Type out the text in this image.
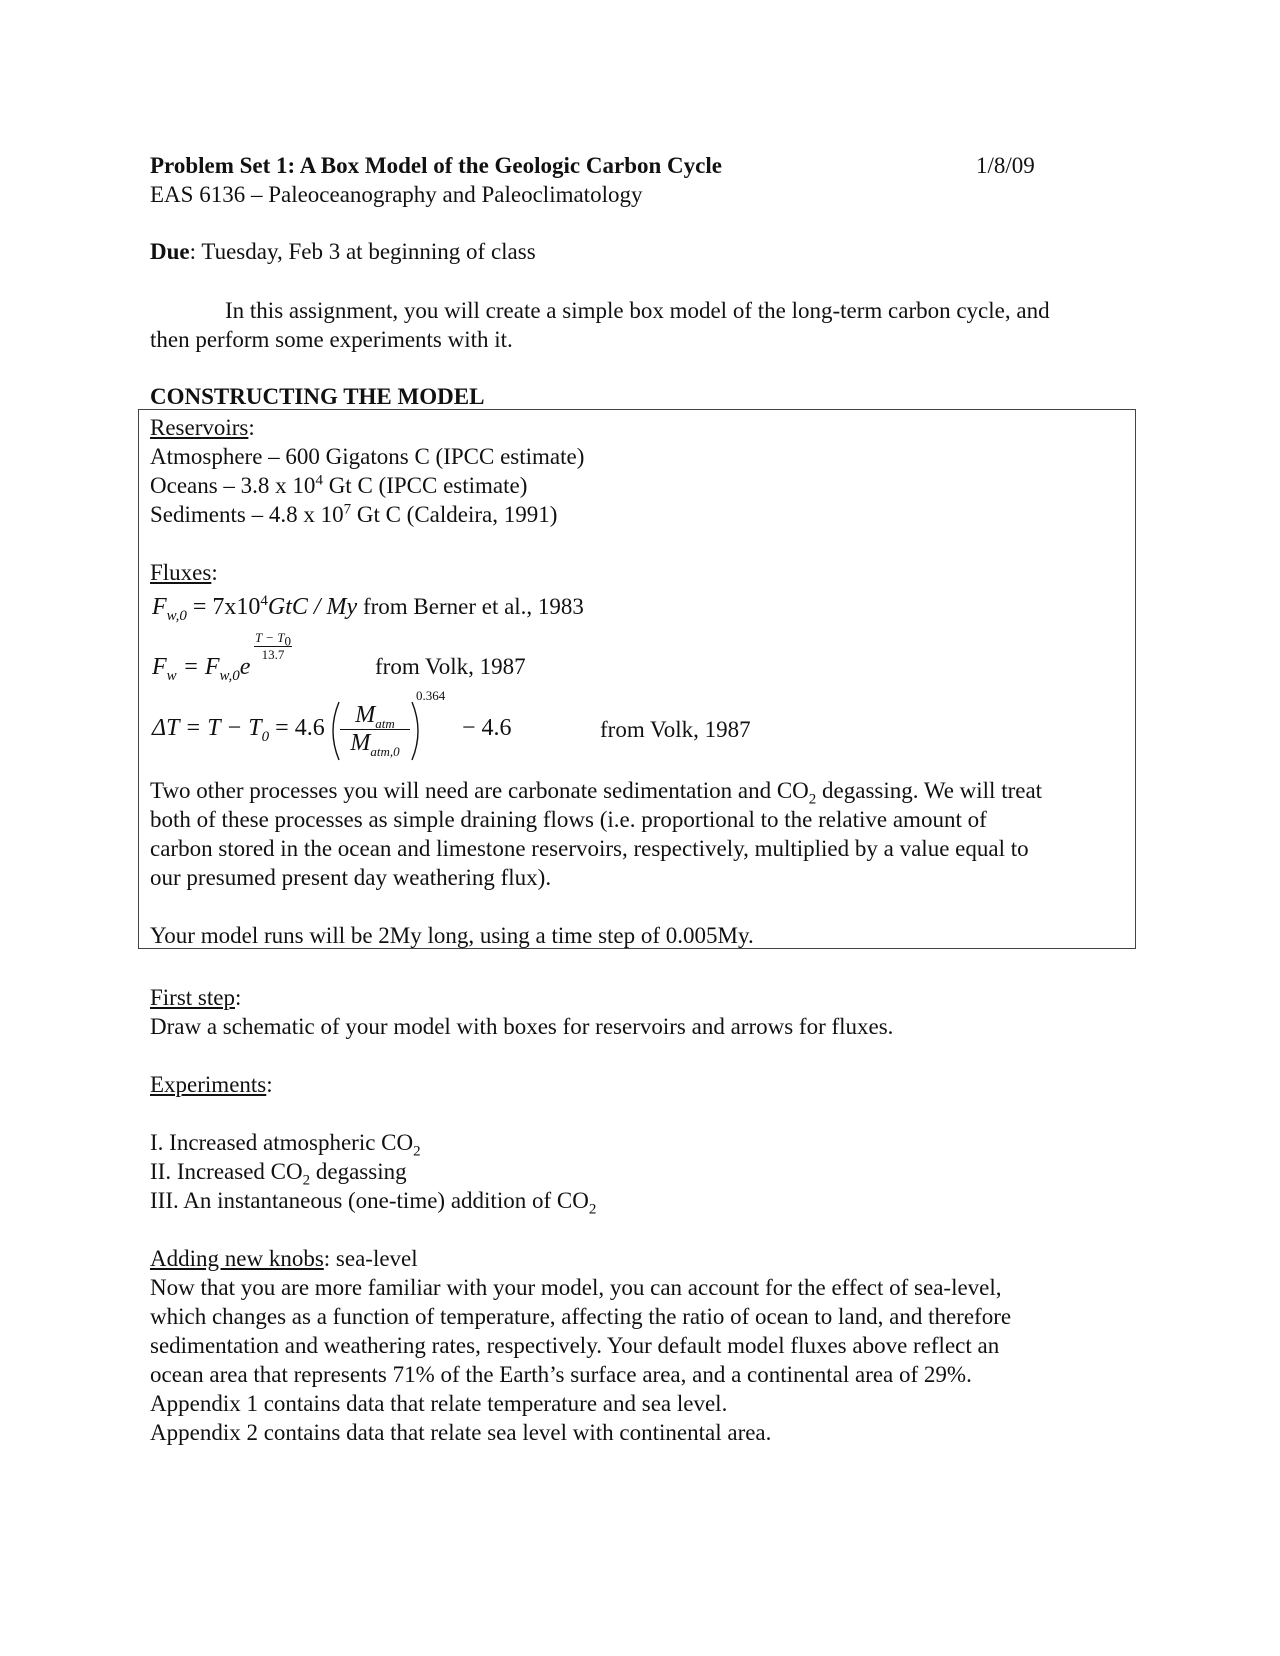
Problem Set 1: A Box Model of the Geologic Carbon Cycle	1/8/09
EAS 6136 – Paleoceanography and Paleoclimatology
Due: Tuesday, Feb 3 at beginning of class
In this assignment, you will create a simple box model of the long-term carbon cycle, and
then perform some experiments with it.
CONSTRUCTING THE MODEL
Reservoirs:
Atmosphere – 600 Gigatons C (IPCC estimate)
Oceans – 3.8 x $10^4$ Gt C (IPCC estimate)
Sediments – 4.8 x $10^7$ Gt C (Caldeira, 1991)
Fluxes:
$F_{w,0} = 7x10^4GtC / My$ from Berner et al., 1983
$T - T_0$
13.7
$F_w = F_{w,0}e$	from Volk, 1987
$\Delta T = T - T_0 = 4.6$	$M_{atm}$
$M_{atm,0}$
0.364
− 4.6	from Volk, 1987
Two other processes you will need are carbonate sedimentation and $CO_2$ degassing. We will treat
both of these processes as simple draining flows (i.e. proportional to the relative amount of
carbon stored in the ocean and limestone reservoirs, respectively, multiplied by a value equal to
our presumed present day weathering flux).
Your model runs will be 2My long, using a time step of 0.005My.
First step:
Draw a schematic of your model with boxes for reservoirs and arrows for fluxes.
Experiments:
I. Increased atmospheric $CO_2$
II. Increased $CO_2$ degassing
III. An instantaneous (one-time) addition of $CO_2$
Adding new knobs: sea-level
Now that you are more familiar with your model, you can account for the effect of sea-level,
which changes as a function of temperature, affecting the ratio of ocean to land, and therefore
sedimentation and weathering rates, respectively. Your default model fluxes above reflect an
ocean area that represents 71% of the Earth’s surface area, and a continental area of 29%.
Appendix 1 contains data that relate temperature and sea level.
Appendix 2 contains data that relate sea level with continental area.
